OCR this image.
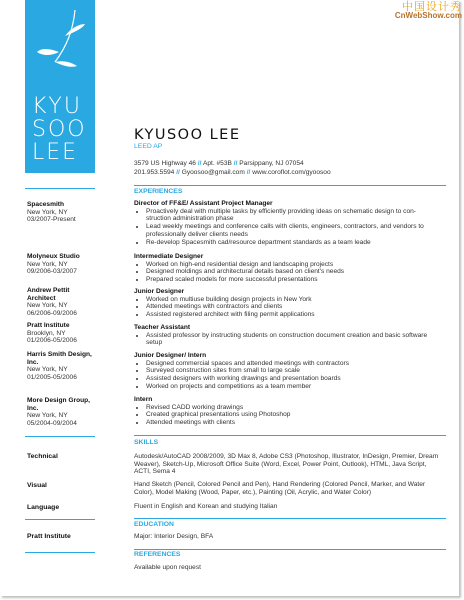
KYU
SOO
LEE
KYUSOO LEE
LEED AP
3579 US Highway 46 // Apt. #53B // Parsippany, NJ 07054
201.953.5594 // Gyoosoo@gmail.com // www.coroflot.com/gyoosoo
Spacesmith
New York, NY
03/2007-Present
Molyneux Studio
New York, NY
09/2006-03/2007
Andrew Pettit Architect
New York, NY
06/2006-09/2006
Pratt Institute
Brooklyn, NY
01/2006-05/2006
Harris Smith Design, Inc.
New York, NY
01/2005-05/2006
More Design Group, Inc.
New York, NY
05/2004-09/2004
Technical
Visual
Language
Pratt Institute
EXPERIENCES
Director of FF&E/ Assistant Project Manager
• Proactively deal with multiple tasks by efficiently providing ideas on schematic design to con-struction administration phase
• Lead weekly meetings and conference calls with clients, engineers, contractors, and vendors to professionally deliver clients needs
• Re-develop Spacesmith cad/resource department standards as a team leade
Intermediate Designer
• Worked on high-end residential design and landscaping projects
• Designed moldings and architectural details based on client's needs
• Prepared scaled models for more successful presentations
Junior Designer
• Worked on multiuse building design projects in New York
• Attended meetings with contractors and clients
• Assisted registered architect with filing permit applications
Teacher Assistant
• Assisted professor by instructing students on construction document creation and basic software setup
Junior Designer/ Intern
• Designed commercial spaces and attended meetings with contractors
• Surveyed construction sites from small to large scale
• Assisted designers with working drawings and presentation boards
• Worked on projects and competitions as a team member
Intern
• Revised CADD working drawings
• Created graphical presentations using Photoshop
• Attended meetings with clients
SKILLS
Autodesk/AutoCAD 2008/2009, 3D Max 8, Adobe CS3 (Photoshop, Illustrator, InDesign, Premier, Dream Weaver), Sketch-Up, Microsoft Office Suite (Word, Excel, Power Point, Outlook), HTML, Java Script, ACTI, Sema 4
Hand Sketch (Pencil, Colored Pencil and Pen), Hand Rendering (Colored Pencil, Marker, and Water Color), Model Making (Wood, Paper, etc.), Painting (Oil, Acrylic, and Water Color)
Fluent in English and Korean and studying Italian
EDUCATION
Major: Interior Design, BFA
REFERENCES
Available upon request
中国设计秀
CnWebShow.com
